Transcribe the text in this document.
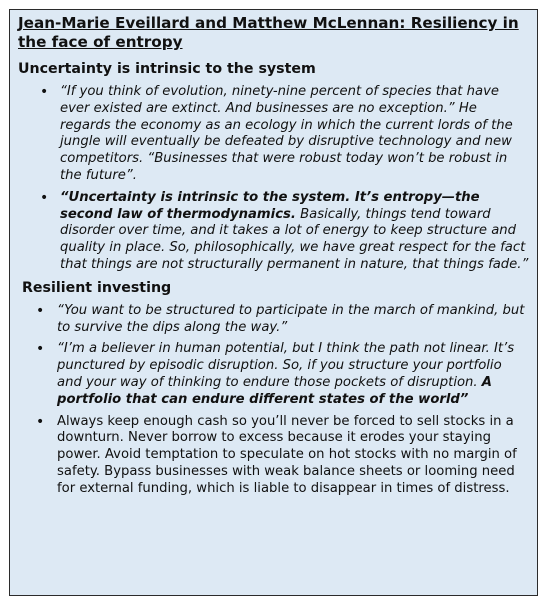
Jean-Marie Eveillard and Matthew McLennan: Resiliency in the face of entropy
Uncertainty is intrinsic to the system
• “If you think of evolution, ninety-nine percent of species that have ever existed are extinct. And businesses are no exception.” He regards the economy as an ecology in which the current lords of the jungle will eventually be defeated by disruptive technology and new competitors. “Businesses that were robust today won’t be robust in the future”.
• “Uncertainty is intrinsic to the system. It’s entropy—the second law of thermodynamics. Basically, things tend toward disorder over time, and it takes a lot of energy to keep structure and quality in place. So, philosophically, we have great respect for the fact that things are not structurally permanent in nature, that things fade.”
Resilient investing
• “You want to be structured to participate in the march of mankind, but to survive the dips along the way.”
• “I’m a believer in human potential, but I think the path not linear. It’s punctured by episodic disruption. So, if you structure your portfolio and your way of thinking to endure those pockets of disruption. A portfolio that can endure different states of the world”
• Always keep enough cash so you’ll never be forced to sell stocks in a downturn. Never borrow to excess because it erodes your staying power. Avoid temptation to speculate on hot stocks with no margin of safety. Bypass businesses with weak balance sheets or looming need for external funding, which is liable to disappear in times of distress.
